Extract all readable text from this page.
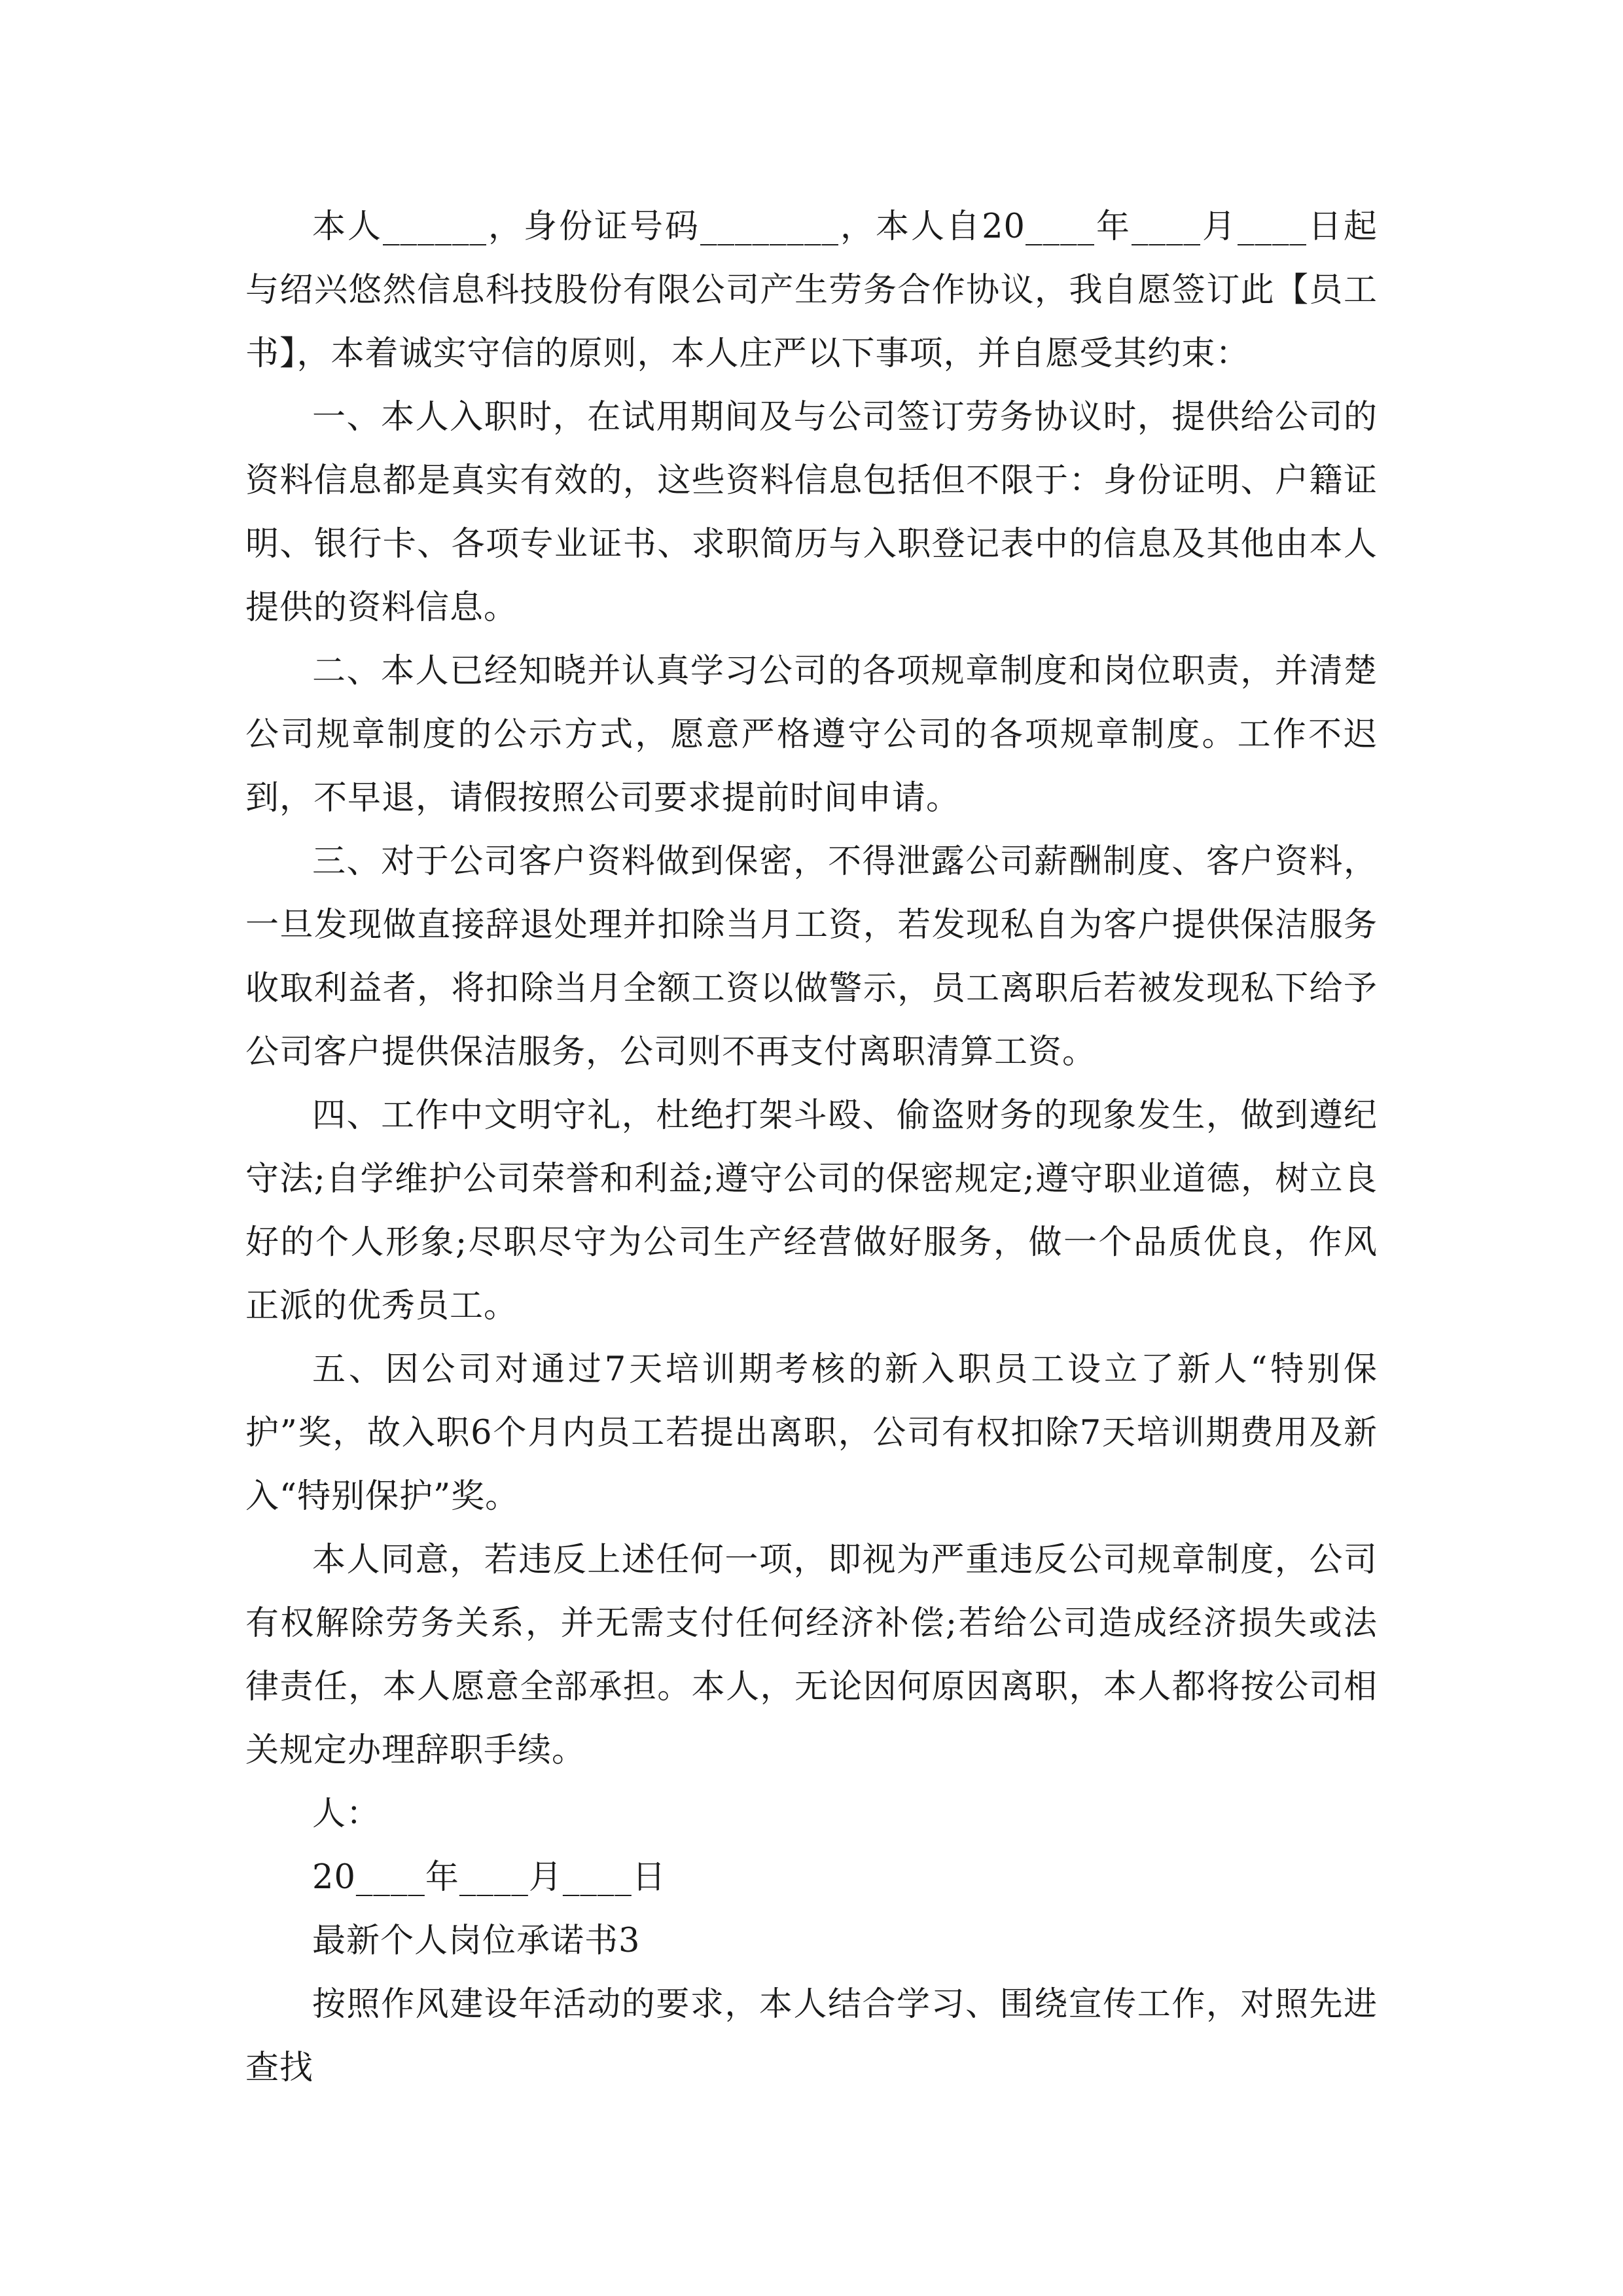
本人______，身份证号码________，本人自20____年____月____日起与绍兴悠然信息科技股份有限公司产生劳务合作协议，我自愿签订此【员工书】，本着诚实守信的原则，本人庄严以下事项，并自愿受其约束：

一、本人入职时，在试用期间及与公司签订劳务协议时，提供给公司的资料信息都是真实有效的，这些资料信息包括但不限于：身份证明、户籍证明、银行卡、各项专业证书、求职简历与入职登记表中的信息及其他由本人提供的资料信息。

二、本人已经知晓并认真学习公司的各项规章制度和岗位职责，并清楚公司规章制度的公示方式，愿意严格遵守公司的各项规章制度。工作不迟到，不早退，请假按照公司要求提前时间申请。

三、对于公司客户资料做到保密，不得泄露公司薪酬制度、客户资料，一旦发现做直接辞退处理并扣除当月工资，若发现私自为客户提供保洁服务收取利益者，将扣除当月全额工资以做警示，员工离职后若被发现私下给予公司客户提供保洁服务，公司则不再支付离职清算工资。

四、工作中文明守礼，杜绝打架斗殴、偷盗财务的现象发生，做到遵纪守法;自学维护公司荣誉和利益;遵守公司的保密规定;遵守职业道德，树立良好的个人形象;尽职尽守为公司生产经营做好服务，做一个品质优良，作风正派的优秀员工。

五、因公司对通过7天培训期考核的新入职员工设立了新人“特别保护”奖，故入职6个月内员工若提出离职，公司有权扣除7天培训期费用及新入“特别保护”奖。

本人同意，若违反上述任何一项，即视为严重违反公司规章制度，公司有权解除劳务关系，并无需支付任何经济补偿;若给公司造成经济损失或法律责任，本人愿意全部承担。本人，无论因何原因离职，本人都将按公司相关规定办理辞职手续。

人：

20____年____月____日

最新个人岗位承诺书3

按照作风建设年活动的要求，本人结合学习、围绕宣传工作，对照先进查找
